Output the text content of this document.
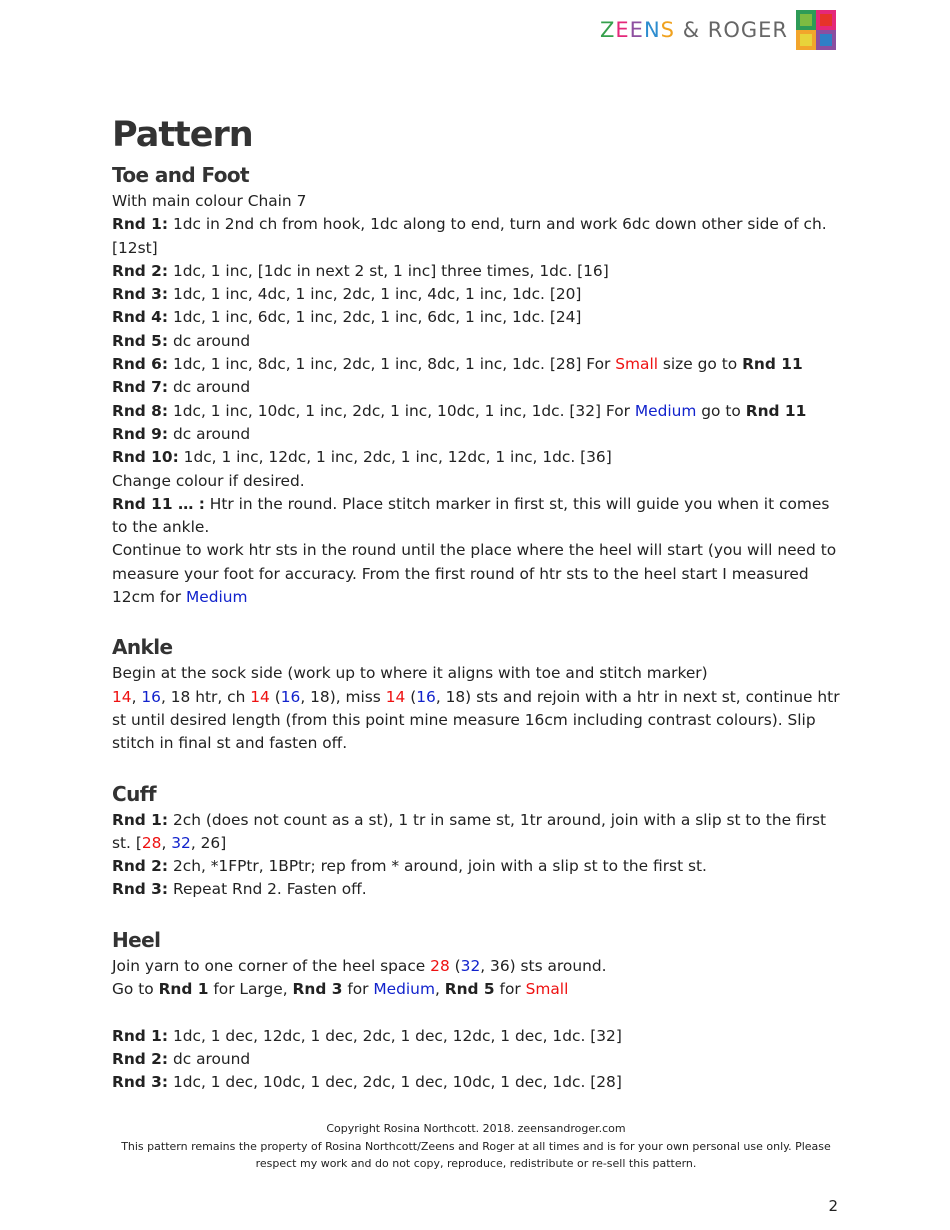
ZEENS & ROGER
Pattern
Toe and Foot

With main colour Chain 7

Rnd 1: 1dc in 2nd ch from hook, 1dc along to end, turn and work 6dc down other side of ch. [12st]

Rnd 2: 1dc, 1 inc, [1dc in next 2 st, 1 inc] three times, 1dc. [16]

Rnd 3: 1dc, 1 inc, 4dc, 1 inc, 2dc, 1 inc, 4dc, 1 inc, 1dc. [20]

Rnd 4: 1dc, 1 inc, 6dc, 1 inc, 2dc, 1 inc, 6dc, 1 inc, 1dc. [24]

Rnd 5: dc around

Rnd 6: 1dc, 1 inc, 8dc, 1 inc, 2dc, 1 inc, 8dc, 1 inc, 1dc. [28] For Small size go to Rnd 11

Rnd 7: dc around

Rnd 8: 1dc, 1 inc, 10dc, 1 inc, 2dc, 1 inc, 10dc, 1 inc, 1dc. [32] For Medium go to Rnd 11

Rnd 9: dc around

Rnd 10: 1dc, 1 inc, 12dc, 1 inc, 2dc, 1 inc, 12dc, 1 inc, 1dc. [36]

Change colour if desired.

Rnd 11 … : Htr in the round. Place stitch marker in first st, this will guide you when it comes to the ankle.

Continue to work htr sts in the round until the place where the heel will start (you will need to measure your foot for accuracy. From the first round of htr sts to the heel start I measured 12cm for Medium

Ankle

Begin at the sock side (work up to where it aligns with toe and stitch marker)

14, 16, 18 htr, ch 14 (16, 18), miss 14 (16, 18) sts and rejoin with a htr in next st, continue htr st until desired length (from this point mine measure 16cm including contrast colours). Slip stitch in final st and fasten off.

Cuff

Rnd 1: 2ch (does not count as a st), 1 tr in same st, 1tr around, join with a slip st to the first st. [28, 32, 26]

Rnd 2: 2ch, *1FPtr, 1BPtr; rep from * around, join with a slip st to the first st.

Rnd 3: Repeat Rnd 2. Fasten off.

Heel

Join yarn to one corner of the heel space 28 (32, 36) sts around.

Go to Rnd 1 for Large, Rnd 3 for Medium, Rnd 5 for Small

Rnd 1: 1dc, 1 dec, 12dc, 1 dec, 2dc, 1 dec, 12dc, 1 dec, 1dc. [32]

Rnd 2: dc around

Rnd 3: 1dc, 1 dec, 10dc, 1 dec, 2dc, 1 dec, 10dc, 1 dec, 1dc. [28]

Copyright Rosina Northcott. 2018. zeensandroger.com
This pattern remains the property of Rosina Northcott/Zeens and Roger at all times and is for your own personal use only. Please respect my work and do not copy, reproduce, redistribute or re-sell this pattern.
2
